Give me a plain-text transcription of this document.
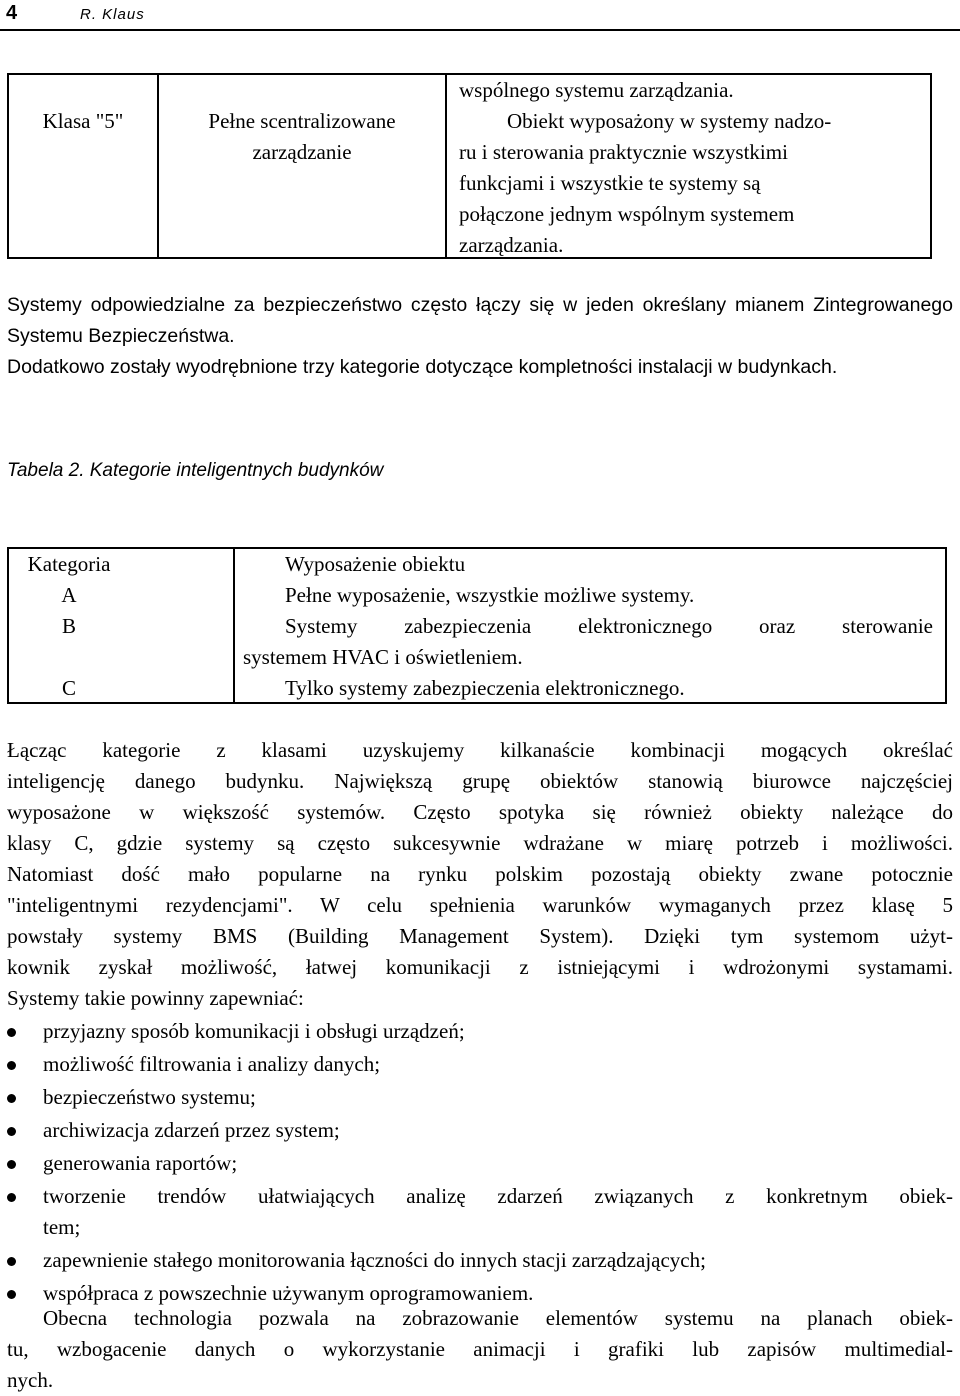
4	R. Klaus
Klasa "5"	Pełne scentralizowane zarządzanie
wspólnego systemu zarządzania.
Obiekt wyposażony w systemy nadzo-
ru i sterowania praktycznie wszystkimi
funkcjami i wszystkie te systemy są
połączone jednym wspólnym systemem
zarządzania.
Systemy odpowiedzialne za bezpieczeństwo często łączy się w jeden określany mianem Zintegrowanego Systemu Bezpieczeństwa.
Dodatkowo zostały wyodrębnione trzy kategorie dotyczące kompletności instalacji w budynkach.
Tabela 2. Kategorie inteligentnych budynków
Kategoria	Wyposażenie obiektu
A	Pełne wyposażenie, wszystkie możliwe systemy.
B	Systemy zabezpieczenia elektronicznego oraz sterowanie
systemem HVAC i oświetleniem.
C	Tylko systemy zabezpieczenia elektronicznego.
Łącząc kategorie z klasami uzyskujemy kilkanaście kombinacji mogących określać
inteligencję danego budynku. Największą grupę obiektów stanowią biurowce najczęściej
wyposażone w większość systemów. Często spotyka się również obiekty należące do
klasy C, gdzie systemy są często sukcesywnie wdrażane w miarę potrzeb i możliwości.
Natomiast dość mało popularne na rynku polskim pozostają obiekty zwane potocznie
"inteligentnymi rezydencjami". W celu spełnienia warunków wymaganych przez klasę 5
powstały systemy BMS (Building Management System). Dzięki tym systemom użyt-
kownik zyskał możliwość, łatwej komunikacji z istniejącymi i wdrożonymi systamami.
Systemy takie powinny zapewniać:
przyjazny sposób komunikacji i obsługi urządzeń;
możliwość filtrowania i analizy danych;
bezpieczeństwo systemu;
archiwizacja zdarzeń przez system;
generowania raportów;
tworzenie trendów ułatwiających analizę zdarzeń związanych z konkretnym obiek-
tem;
zapewnienie stałego monitorowania łączności do innych stacji zarządzających;
współpraca z powszechnie używanym oprogramowaniem.
Obecna technologia pozwala na zobrazowanie elementów systemu na planach obiek-
tu, wzbogacenie danych o wykorzystanie animacji i grafiki lub zapisów multimedial-
nych.
